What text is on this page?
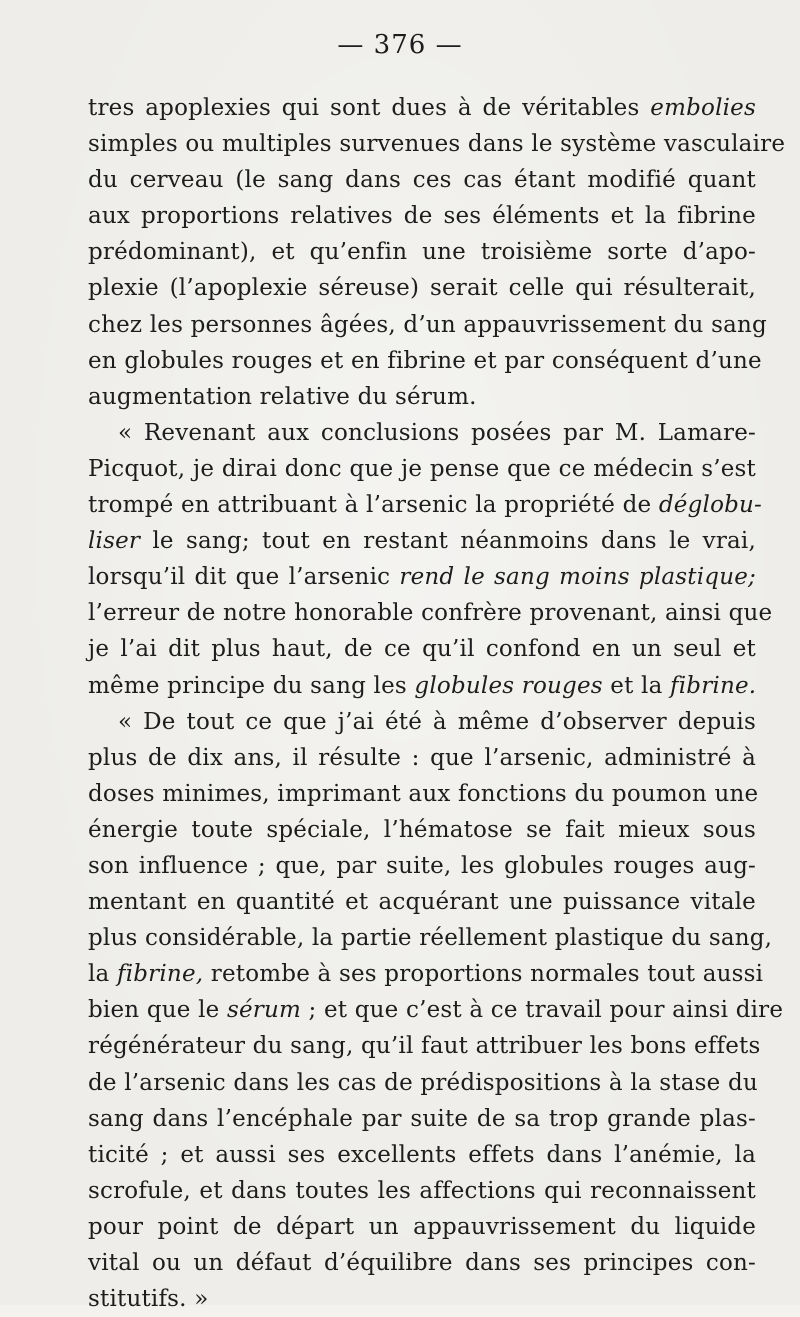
— 376 —
tres apoplexies qui sont dues à de véritables embolies
simples ou multiples survenues dans le système vasculaire
du cerveau (le sang dans ces cas étant modifié quant
aux proportions relatives de ses éléments et la fibrine
prédominant), et qu’enfin une troisième sorte d’apo-
plexie (l’apoplexie séreuse) serait celle qui résulterait,
chez les personnes âgées, d’un appauvrissement du sang
en globules rouges et en fibrine et par conséquent d’une
augmentation relative du sérum.
« Revenant aux conclusions posées par M. Lamare-
Picquot, je dirai donc que je pense que ce médecin s’est
trompé en attribuant à l’arsenic la propriété de déglobu-
liser le sang; tout en restant néanmoins dans le vrai,
lorsqu’il dit que l’arsenic rend le sang moins plastique;
l’erreur de notre honorable confrère provenant, ainsi que
je l’ai dit plus haut, de ce qu’il confond en un seul et
même principe du sang les globules rouges et la fibrine.
« De tout ce que j’ai été à même d’observer depuis
plus de dix ans, il résulte : que l’arsenic, administré à
doses minimes, imprimant aux fonctions du poumon une
énergie toute spéciale, l’hématose se fait mieux sous
son influence ; que, par suite, les globules rouges aug-
mentant en quantité et acquérant une puissance vitale
plus considérable, la partie réellement plastique du sang,
la fibrine, retombe à ses proportions normales tout aussi
bien que le sérum ; et que c’est à ce travail pour ainsi dire
régénérateur du sang, qu’il faut attribuer les bons effets
de l’arsenic dans les cas de prédispositions à la stase du
sang dans l’encéphale par suite de sa trop grande plas-
ticité ; et aussi ses excellents effets dans l’anémie, la
scrofule, et dans toutes les affections qui reconnaissent
pour point de départ un appauvrissement du liquide
vital ou un défaut d’équilibre dans ses principes con-
stitutifs. »
